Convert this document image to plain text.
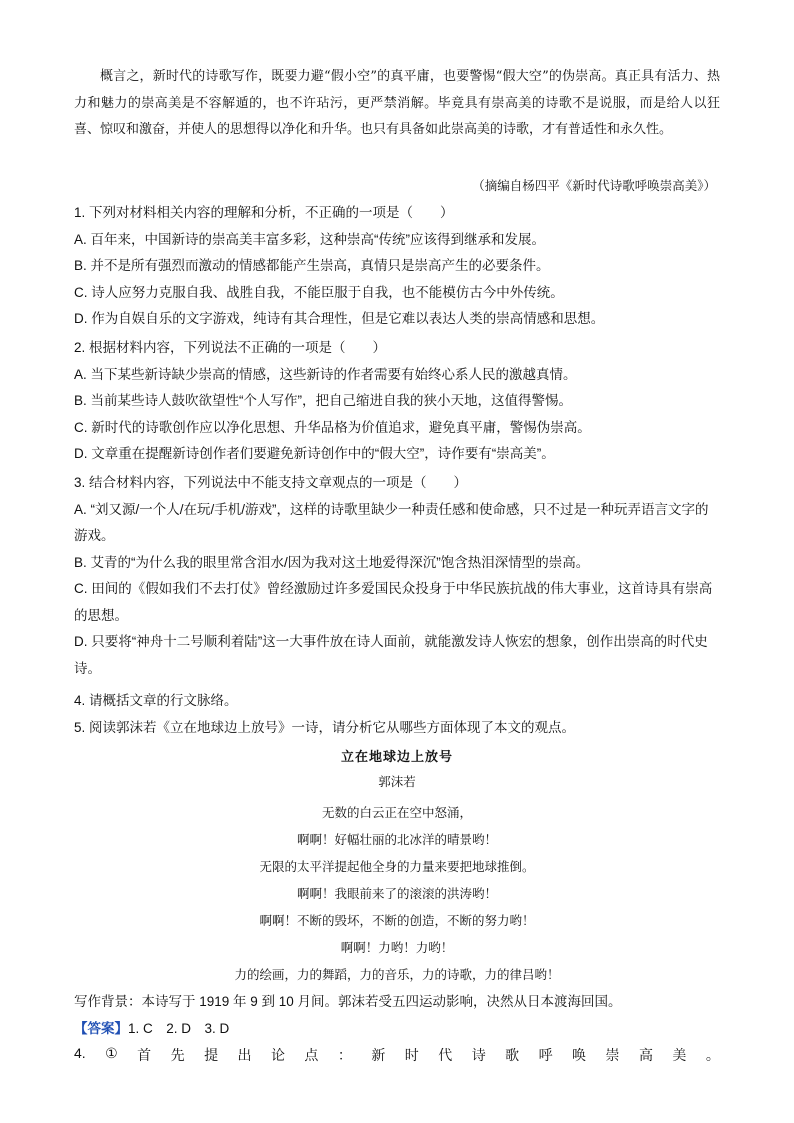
概言之，新时代的诗歌写作，既要力避“假小空”的真平庸，也要警惕“假大空”的伪崇高。真正具有活力、热力和魅力的崇高美是不容解遁的，也不许玷污，更严禁消解。毕竟具有崇高美的诗歌不是说服，而是给人以狂喜、惊叹和激奋，并使人的思想得以净化和升华。也只有具备如此崇高美的诗歌，才有普适性和永久性。
（摘编自杨四平《新时代诗歌呼唤崇高美》）
1. 下列对材料相关内容的理解和分析，不正确的一项是（　　）
A. 百年来，中国新诗的崇高美丰富多彩，这种崇高“传统”应该得到继承和发展。
B. 并不是所有强烈而激动的情感都能产生崇高，真情只是崇高产生的必要条件。
C. 诗人应努力克服自我、战胜自我，不能臣服于自我，也不能模仿古今中外传统。
D. 作为自娱自乐的文字游戏，纯诗有其合理性，但是它难以表达人类的崇高情感和思想。
2. 根据材料内容，下列说法不正确的一项是（　　）
A. 当下某些新诗缺少崇高的情感，这些新诗的作者需要有始终心系人民的激越真情。
B. 当前某些诗人鼓吹欲望性“个人写作”，把自己缩进自我的狭小天地，这值得警惕。
C. 新时代的诗歌创作应以净化思想、升华品格为价值追求，避免真平庸，警惕伪崇高。
D. 文章重在提醒新诗创作者们要避免新诗创作中的“假大空”，诗作要有“崇高美”。
3. 结合材料内容，下列说法中不能支持文章观点的一项是（　　）
A. “刘又源/一个人/在玩/手机/游戏”，这样的诗歌里缺少一种责任感和使命感，只不过是一种玩弄语言文字的游戏。
B. 艾青的“为什么我的眼里常含泪水/因为我对这土地爱得深沉”饱含热泪深情型的崇高。
C. 田间的《假如我们不去打仗》曾经激励过许多爱国民众投身于中华民族抗战的伟大事业，这首诗具有崇高的思想。
D. 只要将“神舟十二号顺利着陆”这一大事件放在诗人面前，就能激发诗人恢宏的想象，创作出崇高的时代史诗。
4. 请概括文章的行文脉络。
5. 阅读郭沫若《立在地球边上放号》一诗，请分析它从哪些方面体现了本文的观点。
立在地球边上放号
郭沫若
无数的白云正在空中怒涌，
啊啊！好幅壮丽的北冰洋的晴景哟！
无限的太平洋提起他全身的力量来要把地球推倒。
啊啊！我眼前来了的滚滚的洪涛哟！
啊啊！不断的毁坏，不断的创造，不断的努力哟！
啊啊！力哟！力哟！
力的绘画，力的舞蹈，力的音乐，力的诗歌，力的律吕哟！
写作背景：本诗写于 1919 年 9 到 10 月间。郭沫若受五四运动影响，决然从日本渡海回国。
【答案】1. C　2. D　3. D
4. ① 首 先 提 出 论 点 ： 新 时 代 诗 歌 呼 唤 崇 高 美 。
